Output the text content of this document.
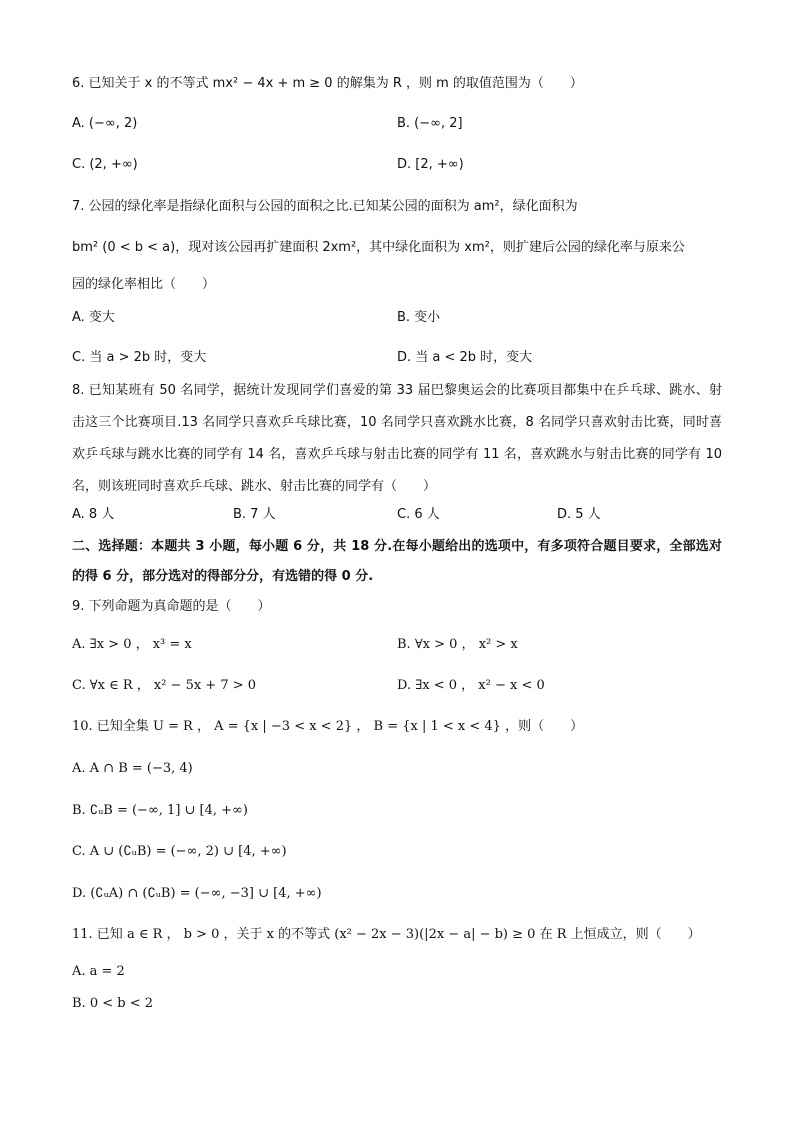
6. 已知关于 x 的不等式 mx² − 4x + m ≥ 0 的解集为 R ，则 m 的取值范围为（　　）
A. (−∞, 2)	B. (−∞, 2]
C. (2, +∞)	D. [2, +∞)
7. 公园的绿化率是指绿化面积与公园的面积之比.已知某公园的面积为 am²，绿化面积为
bm² (0 < b < a)，现对该公园再扩建面积 2xm²，其中绿化面积为 xm²，则扩建后公园的绿化率与原来公
园的绿化率相比（　　）
A. 变大	B. 变小
C. 当 a > 2b 时，变大	D. 当 a < 2b 时，变大
8. 已知某班有 50 名同学，据统计发现同学们喜爱的第 33 届巴黎奥运会的比赛项目都集中在乒乓球、跳水、射击这三个比赛项目.13 名同学只喜欢乒乓球比赛，10 名同学只喜欢跳水比赛，8 名同学只喜欢射击比赛，同时喜欢乒乓球与跳水比赛的同学有 14 名，喜欢乒乓球与射击比赛的同学有 11 名，喜欢跳水与射击比赛的同学有 10 名，则该班同时喜欢乒乓球、跳水、射击比赛的同学有（　　）
A. 8 人	B. 7 人	C. 6 人	D. 5 人
二、选择题：本题共 3 小题，每小题 6 分，共 18 分.在每小题给出的选项中，有多项符合题目要求，全部选对的得 6 分，部分选对的得部分分，有选错的得 0 分.
9. 下列命题为真命题的是（　　）
A. ∃x > 0 ， x³ = x	B. ∀x > 0 ， x² > x
C. ∀x ∈ R ， x² − 5x + 7 > 0	D. ∃x < 0 ， x² − x < 0
10. 已知全集 U = R ， A = {x | −3 < x < 2} ， B = {x | 1 < x < 4} ，则（　　）
A. A ∩ B = (−3, 4)
B. ∁ᵤB = (−∞, 1] ∪ [4, +∞)
C. A ∪ (∁ᵤB) = (−∞, 2) ∪ [4, +∞)
D. (∁ᵤA) ∩ (∁ᵤB) = (−∞, −3] ∪ [4, +∞)
11. 已知 a ∈ R ， b > 0 ，关于 x 的不等式 (x² − 2x − 3)(|2x − a| − b) ≥ 0 在 R 上恒成立，则（　　）
A. a = 2
B. 0 < b < 2
